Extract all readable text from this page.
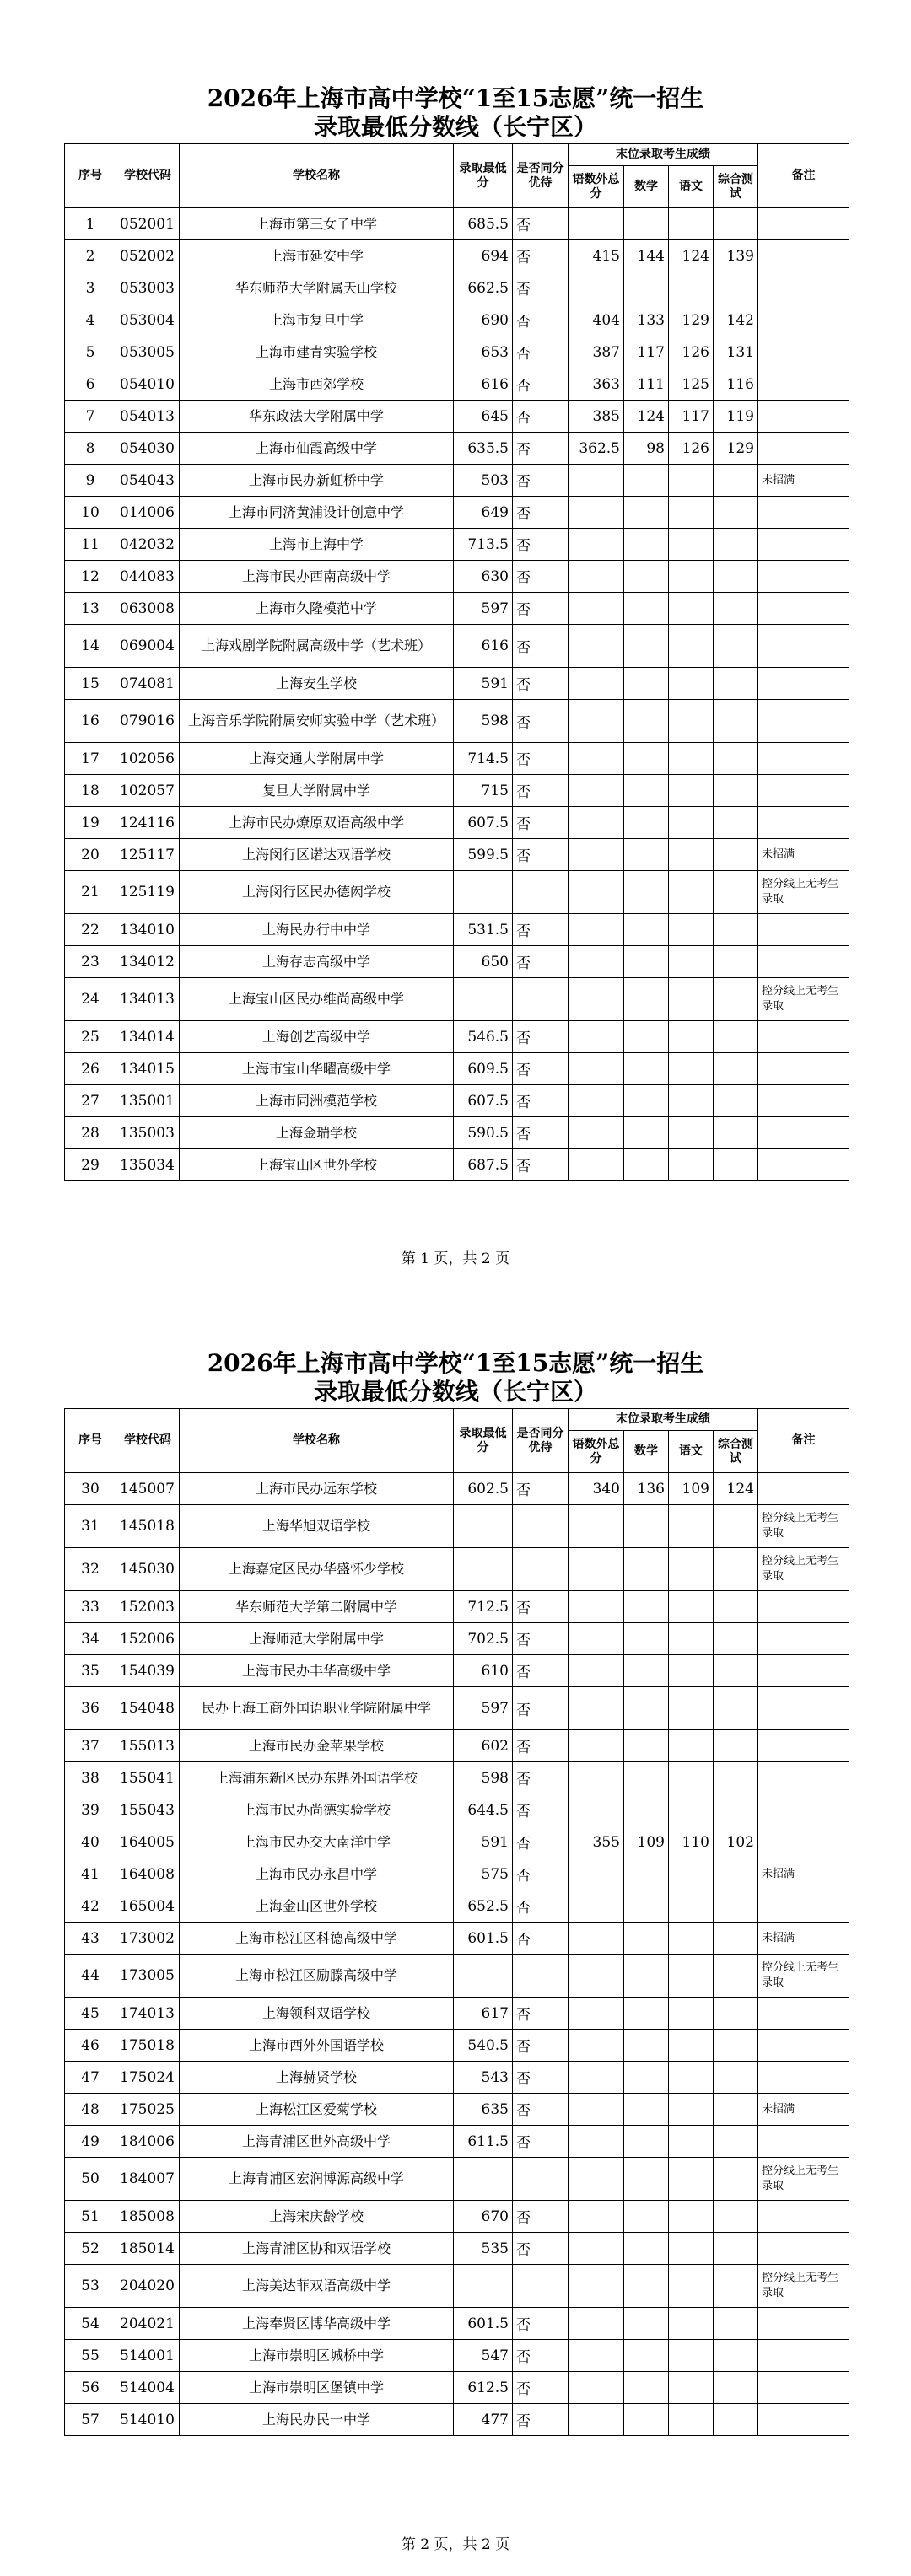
2026年上海市高中学校“1至15志愿”统一招生
录取最低分数线（长宁区）
序号	学校代码	学校名称	录取最低分	是否同分优待	末位录取考生成绩				备注
					语数外总分	数学	语文	综合测试	
1	052001	上海市第三女子中学	685.5	否					
2	052002	上海市延安中学	694	否	415	144	124	139	
3	053003	华东师范大学附属天山学校	662.5	否					
4	053004	上海市复旦中学	690	否	404	133	129	142	
5	053005	上海市建青实验学校	653	否	387	117	126	131	
6	054010	上海市西郊学校	616	否	363	111	125	116	
7	054013	华东政法大学附属中学	645	否	385	124	117	119	
8	054030	上海市仙霞高级中学	635.5	否	362.5	98	126	129	
9	054043	上海市民办新虹桥中学	503	否					未招满
10	014006	上海市同济黄浦设计创意中学	649	否					
11	042032	上海市上海中学	713.5	否					
12	044083	上海市民办西南高级中学	630	否					
13	063008	上海市久隆模范中学	597	否					
14	069004	上海戏剧学院附属高级中学（艺术班）	616	否					
15	074081	上海安生学校	591	否					
16	079016	上海音乐学院附属安师实验中学（艺术班）	598	否					
17	102056	上海交通大学附属中学	714.5	否					
18	102057	复旦大学附属中学	715	否					
19	124116	上海市民办燎原双语高级中学	607.5	否					
20	125117	上海闵行区诺达双语学校	599.5	否					未招满
21	125119	上海闵行区民办德闳学校							控分线上无考生录取
22	134010	上海民办行中中学	531.5	否					
23	134012	上海存志高级中学	650	否					
24	134013	上海宝山区民办维尚高级中学							控分线上无考生录取
25	134014	上海创艺高级中学	546.5	否					
26	134015	上海市宝山华曜高级中学	609.5	否					
27	135001	上海市同洲模范学校	607.5	否					
28	135003	上海金瑞学校	590.5	否					
29	135034	上海宝山区世外学校	687.5	否					
第 1 页，共 2 页
2026年上海市高中学校“1至15志愿”统一招生
录取最低分数线（长宁区）
序号	学校代码	学校名称	录取最低分	是否同分优待	末位录取考生成绩				备注
					语数外总分	数学	语文	综合测试	
30	145007	上海市民办远东学校	602.5	否	340	136	109	124	
31	145018	上海华旭双语学校							控分线上无考生录取
32	145030	上海嘉定区民办华盛怀少学校							控分线上无考生录取
33	152003	华东师范大学第二附属中学	712.5	否					
34	152006	上海师范大学附属中学	702.5	否					
35	154039	上海市民办丰华高级中学	610	否					
36	154048	民办上海工商外国语职业学院附属中学	597	否					
37	155013	上海市民办金苹果学校	602	否					
38	155041	上海浦东新区民办东鼎外国语学校	598	否					
39	155043	上海市民办尚德实验学校	644.5	否					
40	164005	上海市民办交大南洋中学	591	否	355	109	110	102	
41	164008	上海市民办永昌中学	575	否					未招满
42	165004	上海金山区世外学校	652.5	否					
43	173002	上海市松江区科德高级中学	601.5	否					未招满
44	173005	上海市松江区励滕高级中学							控分线上无考生录取
45	174013	上海领科双语学校	617	否					
46	175018	上海市西外外国语学校	540.5	否					
47	175024	上海赫贤学校	543	否					
48	175025	上海松江区爱菊学校	635	否					未招满
49	184006	上海青浦区世外高级中学	611.5	否					
50	184007	上海青浦区宏润博源高级中学							控分线上无考生录取
51	185008	上海宋庆龄学校	670	否					
52	185014	上海青浦区协和双语学校	535	否					
53	204020	上海美达菲双语高级中学							控分线上无考生录取
54	204021	上海奉贤区博华高级中学	601.5	否					
55	514001	上海市崇明区城桥中学	547	否					
56	514004	上海市崇明区堡镇中学	612.5	否					
57	514010	上海民办民一中学	477	否					
第 2 页，共 2 页
